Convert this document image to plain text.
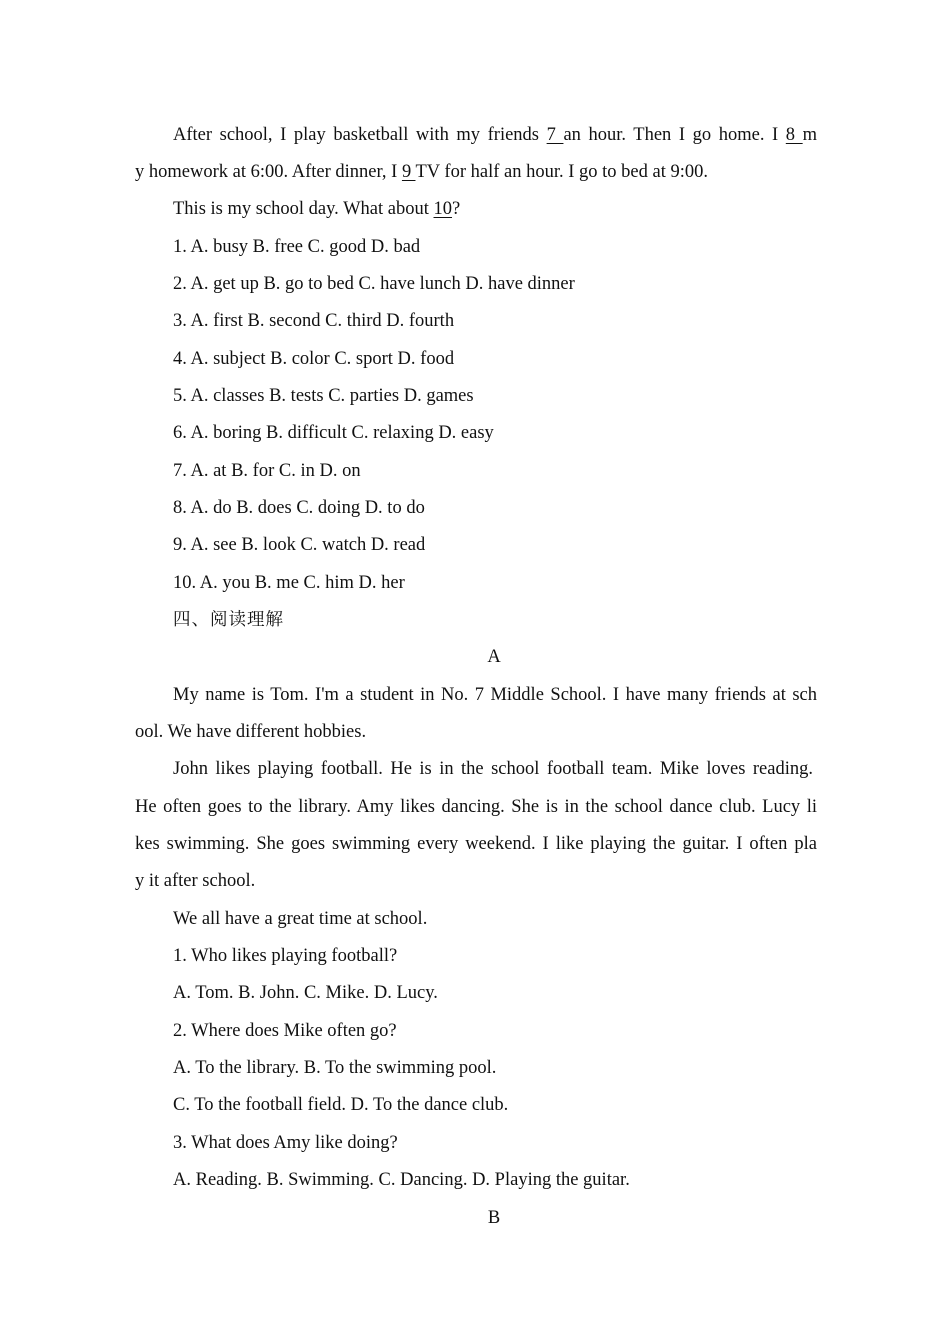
After school, I play basketball with my friends 7 an hour. Then I go home. I 8 m
y homework at 6:00. After dinner, I 9 TV for half an hour. I go to bed at 9:00.
This is my school day. What about 10?
1. A. busy B. free C. good D. bad
2. A. get up B. go to bed C. have lunch D. have dinner
3. A. first B. second C. third D. fourth
4. A. subject B. color C. sport D. food
5. A. classes B. tests C. parties D. games
6. A. boring B. difficult C. relaxing D. easy
7. A. at B. for C. in D. on
8. A. do B. does C. doing D. to do
9. A. see B. look C. watch D. read
10. A. you B. me C. him D. her
四、阅读理解
A
My name is Tom. I'm a student in No. 7 Middle School. I have many friends at sch
ool. We have different hobbies.
John likes playing football. He is in the school football team. Mike loves reading.
He often goes to the library. Amy likes dancing. She is in the school dance club. Lucy li
kes swimming. She goes swimming every weekend. I like playing the guitar. I often pla
y it after school.
We all have a great time at school.
1. Who likes playing football?
A. Tom. B. John. C. Mike. D. Lucy.
2. Where does Mike often go?
A. To the library. B. To the swimming pool.
C. To the football field. D. To the dance club.
3. What does Amy like doing?
A. Reading. B. Swimming. C. Dancing. D. Playing the guitar.
B
